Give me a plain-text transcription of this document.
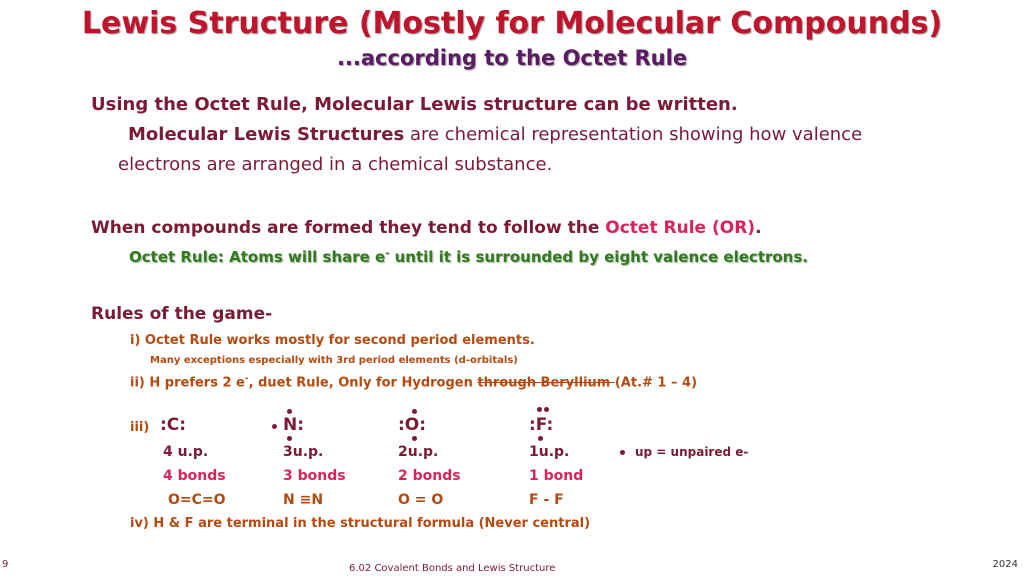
Lewis Structure (Mostly for Molecular Compounds)
...according to the Octet Rule
Using the Octet Rule, Molecular Lewis structure can be written.
Molecular Lewis Structures are chemical representation showing how valence
electrons are arranged in a chemical substance.
When compounds are formed they tend to follow the Octet Rule (OR).
Octet Rule: Atoms will share e- until it is surrounded by eight valence electrons.
Rules of the game-
i) Octet Rule works mostly for second period elements.
Many exceptions especially with 3rd period elements (d-orbitals)
ii) H prefers 2 e-, duet Rule, Only for Hydrogen through Beryllium (At.# 1 – 4)
iii) :C:
4 u.p.
4 bonds
O=C=O
N:
3u.p.
3 bonds
N ≡N
:O:
2u.p.
2 bonds
O = O
:F:
1u.p.
1 bond
F - F
up = unpaired e-
iv) H & F are terminal in the structural formula (Never central)
9	6.02 Covalent Bonds and Lewis Structure	2024
